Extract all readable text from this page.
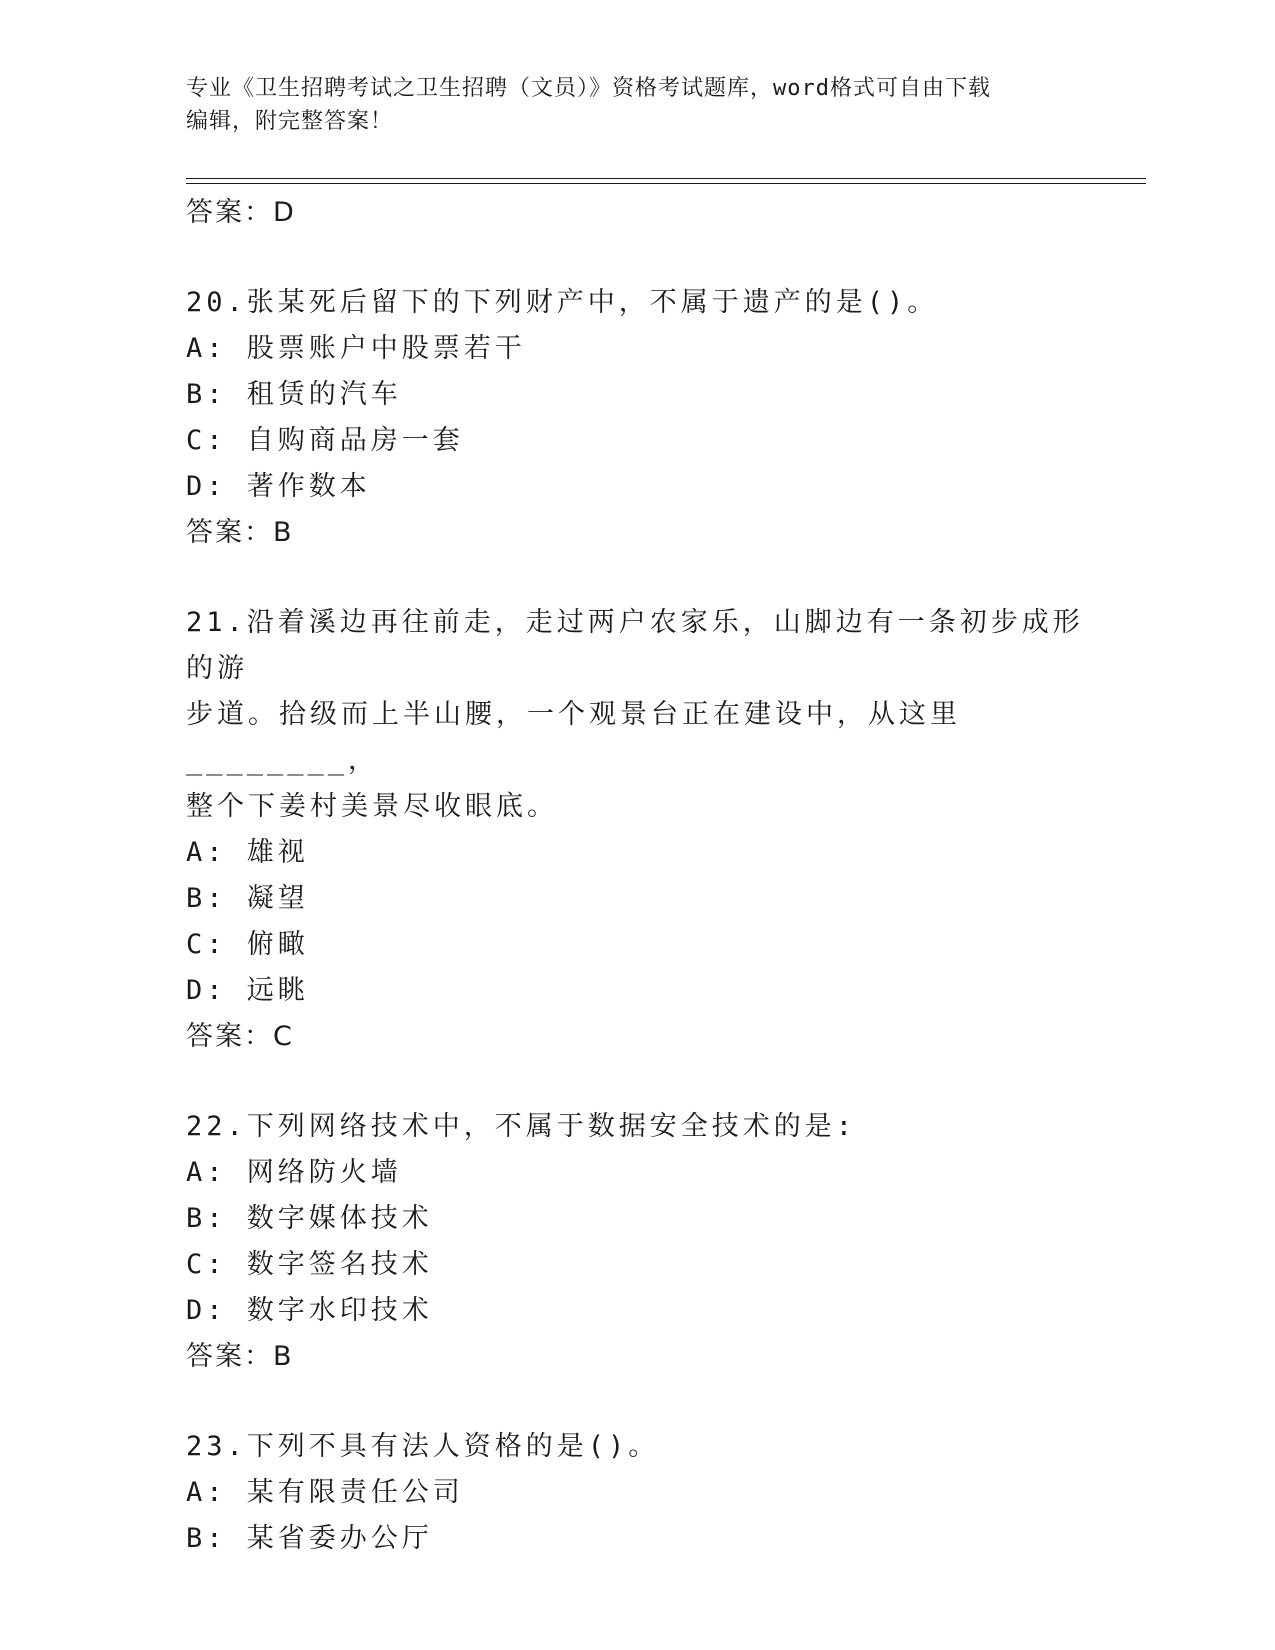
专业《卫生招聘考试之卫生招聘（文员）》资格考试题库，word格式可自由下载
编辑，附完整答案！
答案：D
20.张某死后留下的下列财产中，不属于遗产的是()。
A: 股票账户中股票若干
B: 租赁的汽车
C: 自购商品房一套
D: 著作数本
答案：B
21.沿着溪边再往前走，走过两户农家乐，山脚边有一条初步成形的游
步道。拾级而上半山腰，一个观景台正在建设中，从这里________，
整个下姜村美景尽收眼底。
A: 雄视
B: 凝望
C: 俯瞰
D: 远眺
答案：C
22.下列网络技术中，不属于数据安全技术的是:
A: 网络防火墙
B: 数字媒体技术
C: 数字签名技术
D: 数字水印技术
答案：B
23.下列不具有法人资格的是()。
A: 某有限责任公司
B: 某省委办公厅
